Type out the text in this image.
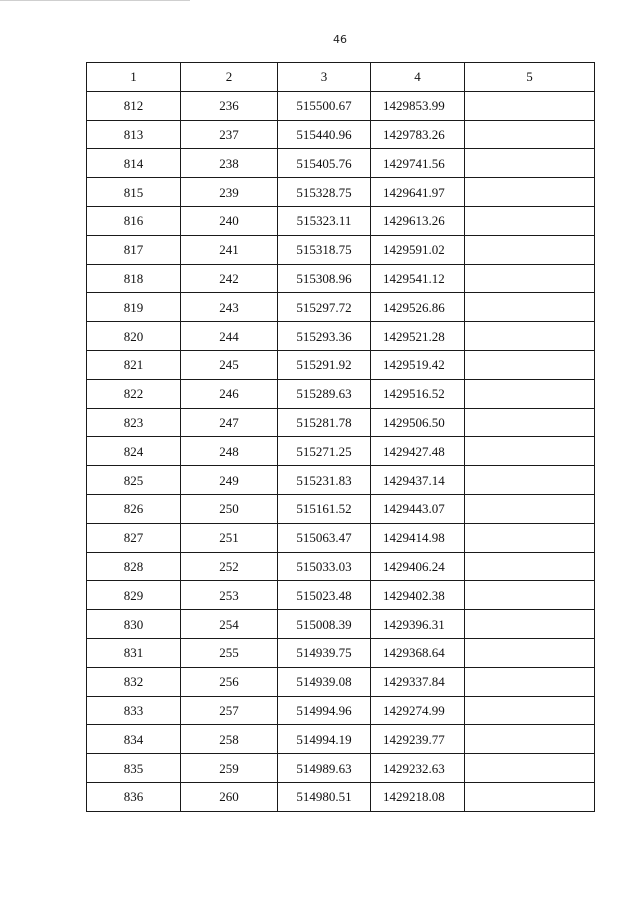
46
1	2	3	4	5
812	236	515500.67	1429853.99	
813	237	515440.96	1429783.26	
814	238	515405.76	1429741.56	
815	239	515328.75	1429641.97	
816	240	515323.11	1429613.26	
817	241	515318.75	1429591.02	
818	242	515308.96	1429541.12	
819	243	515297.72	1429526.86	
820	244	515293.36	1429521.28	
821	245	515291.92	1429519.42	
822	246	515289.63	1429516.52	
823	247	515281.78	1429506.50	
824	248	515271.25	1429427.48	
825	249	515231.83	1429437.14	
826	250	515161.52	1429443.07	
827	251	515063.47	1429414.98	
828	252	515033.03	1429406.24	
829	253	515023.48	1429402.38	
830	254	515008.39	1429396.31	
831	255	514939.75	1429368.64	
832	256	514939.08	1429337.84	
833	257	514994.96	1429274.99	
834	258	514994.19	1429239.77	
835	259	514989.63	1429232.63	
836	260	514980.51	1429218.08	
